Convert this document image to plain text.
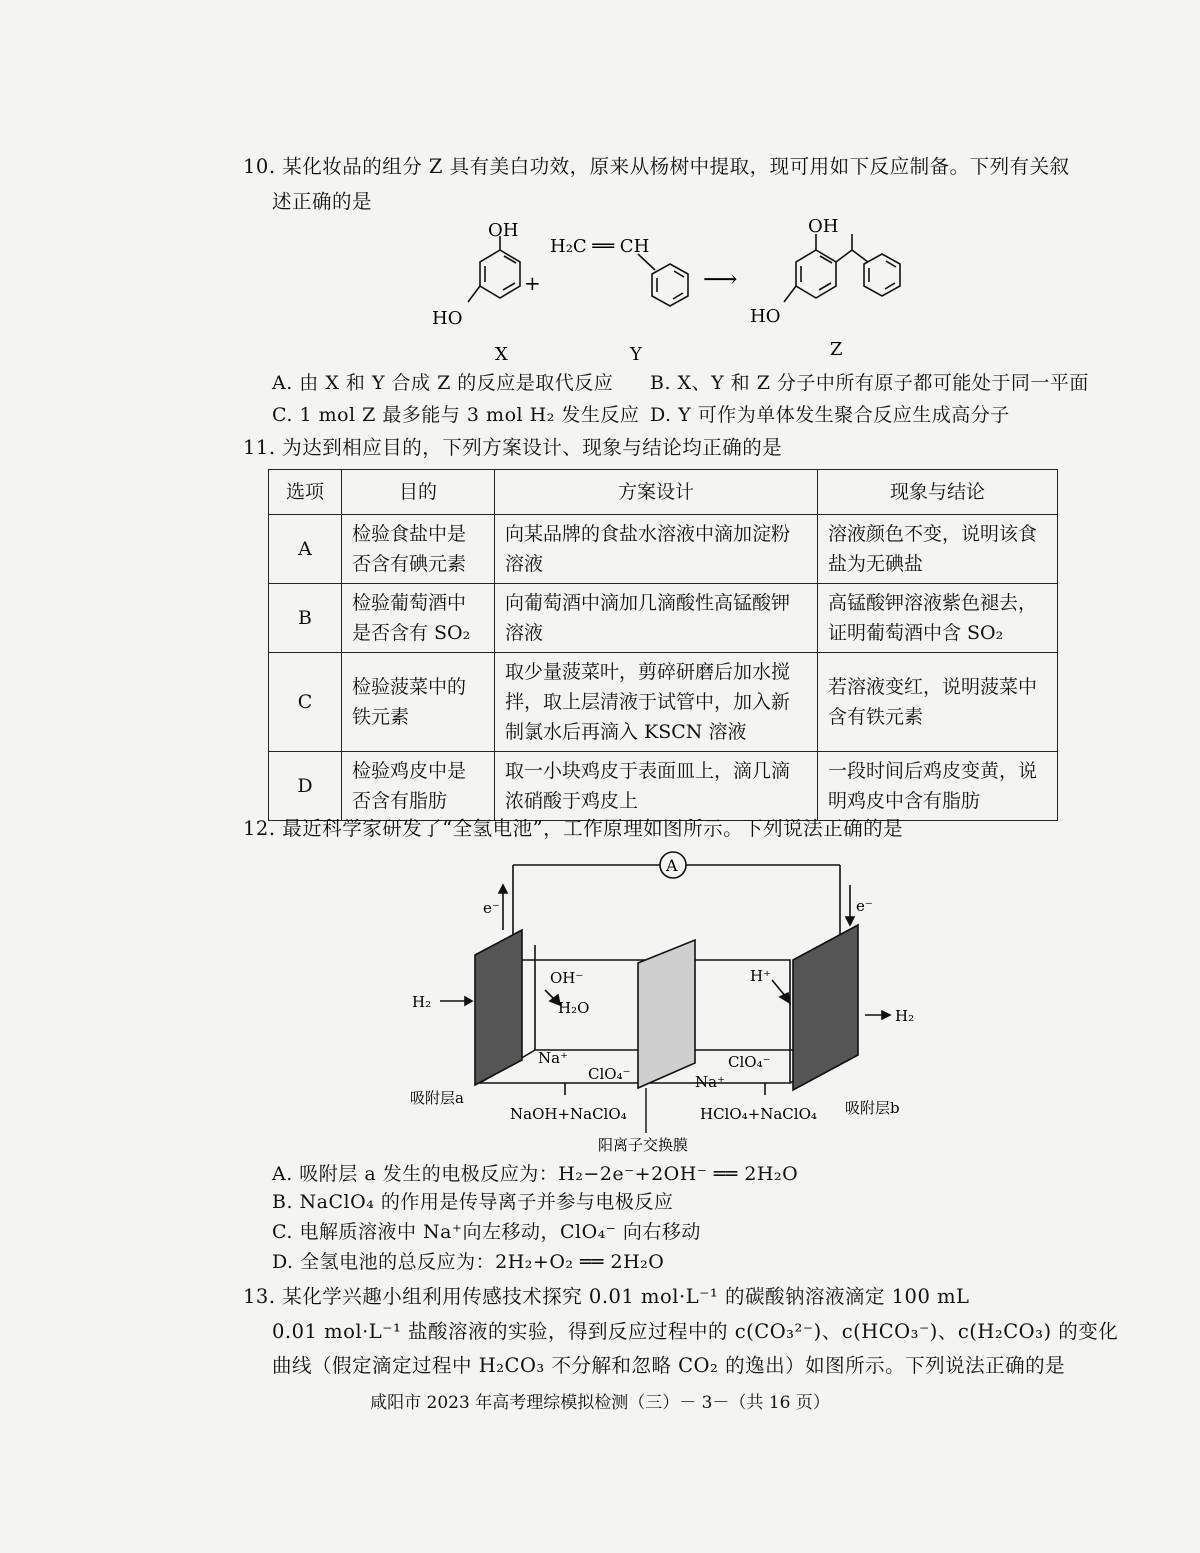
10. 某化妆品的组分 Z 具有美白功效，原来从杨树中提取，现可用如下反应制备。下列有关叙
述正确的是
OH
HO
X
+
H₂C ══ CH
Y
⟶
OH
HO
Z
A. 由 X 和 Y 合成 Z 的反应是取代反应 B. X、Y 和 Z 分子中所有原子都可能处于同一平面
C. 1 mol Z 最多能与 3 mol H₂ 发生反应 D. Y 可作为单体发生聚合反应生成高分子
11. 为达到相应目的，下列方案设计、现象与结论均正确的是
选项	目的	方案设计	现象与结论
A	检验食盐中是否含有碘元素	向某品牌的食盐水溶液中滴加淀粉溶液	溶液颜色不变，说明该食盐为无碘盐
B	检验葡萄酒中是否含有 SO₂	向葡萄酒中滴加几滴酸性高锰酸钾溶液	高锰酸钾溶液紫色褪去，证明葡萄酒中含 SO₂
C	检验菠菜中的铁元素	取少量菠菜叶，剪碎研磨后加水搅拌，取上层清液于试管中，加入新制氯水后再滴入 KSCN 溶液	若溶液变红，说明菠菜中含有铁元素
D	检验鸡皮中是否含有脂肪	取一小块鸡皮于表面皿上，滴几滴浓硝酸于鸡皮上	一段时间后鸡皮变黄，说明鸡皮中含有脂肪
12. 最近科学家研发了“全氢电池”，工作原理如图所示。下列说法正确的是
A
e⁻	e⁻
H₂
H₂
OH⁻
H₂O
H⁺
Na⁺
ClO₄⁻	Na⁺
ClO₄⁻
吸附层a
吸附层b
NaOH+NaClO₄	HClO₄+NaClO₄
阳离子交换膜
A. 吸附层 a 发生的电极反应为：H₂−2e⁻+2OH⁻ ══ 2H₂O
B. NaClO₄ 的作用是传导离子并参与电极反应
C. 电解质溶液中 Na⁺向左移动，ClO₄⁻ 向右移动
D. 全氢电池的总反应为：2H₂+O₂ ══ 2H₂O
13. 某化学兴趣小组利用传感技术探究 0.01 mol·L⁻¹ 的碳酸钠溶液滴定 100 mL
0.01 mol·L⁻¹ 盐酸溶液的实验，得到反应过程中的 c(CO₃²⁻)、c(HCO₃⁻)、c(H₂CO₃) 的变化
曲线（假定滴定过程中 H₂CO₃ 不分解和忽略 CO₂ 的逸出）如图所示。下列说法正确的是
咸阳市 2023 年高考理综模拟检测（三）－ 3－（共 16 页）
